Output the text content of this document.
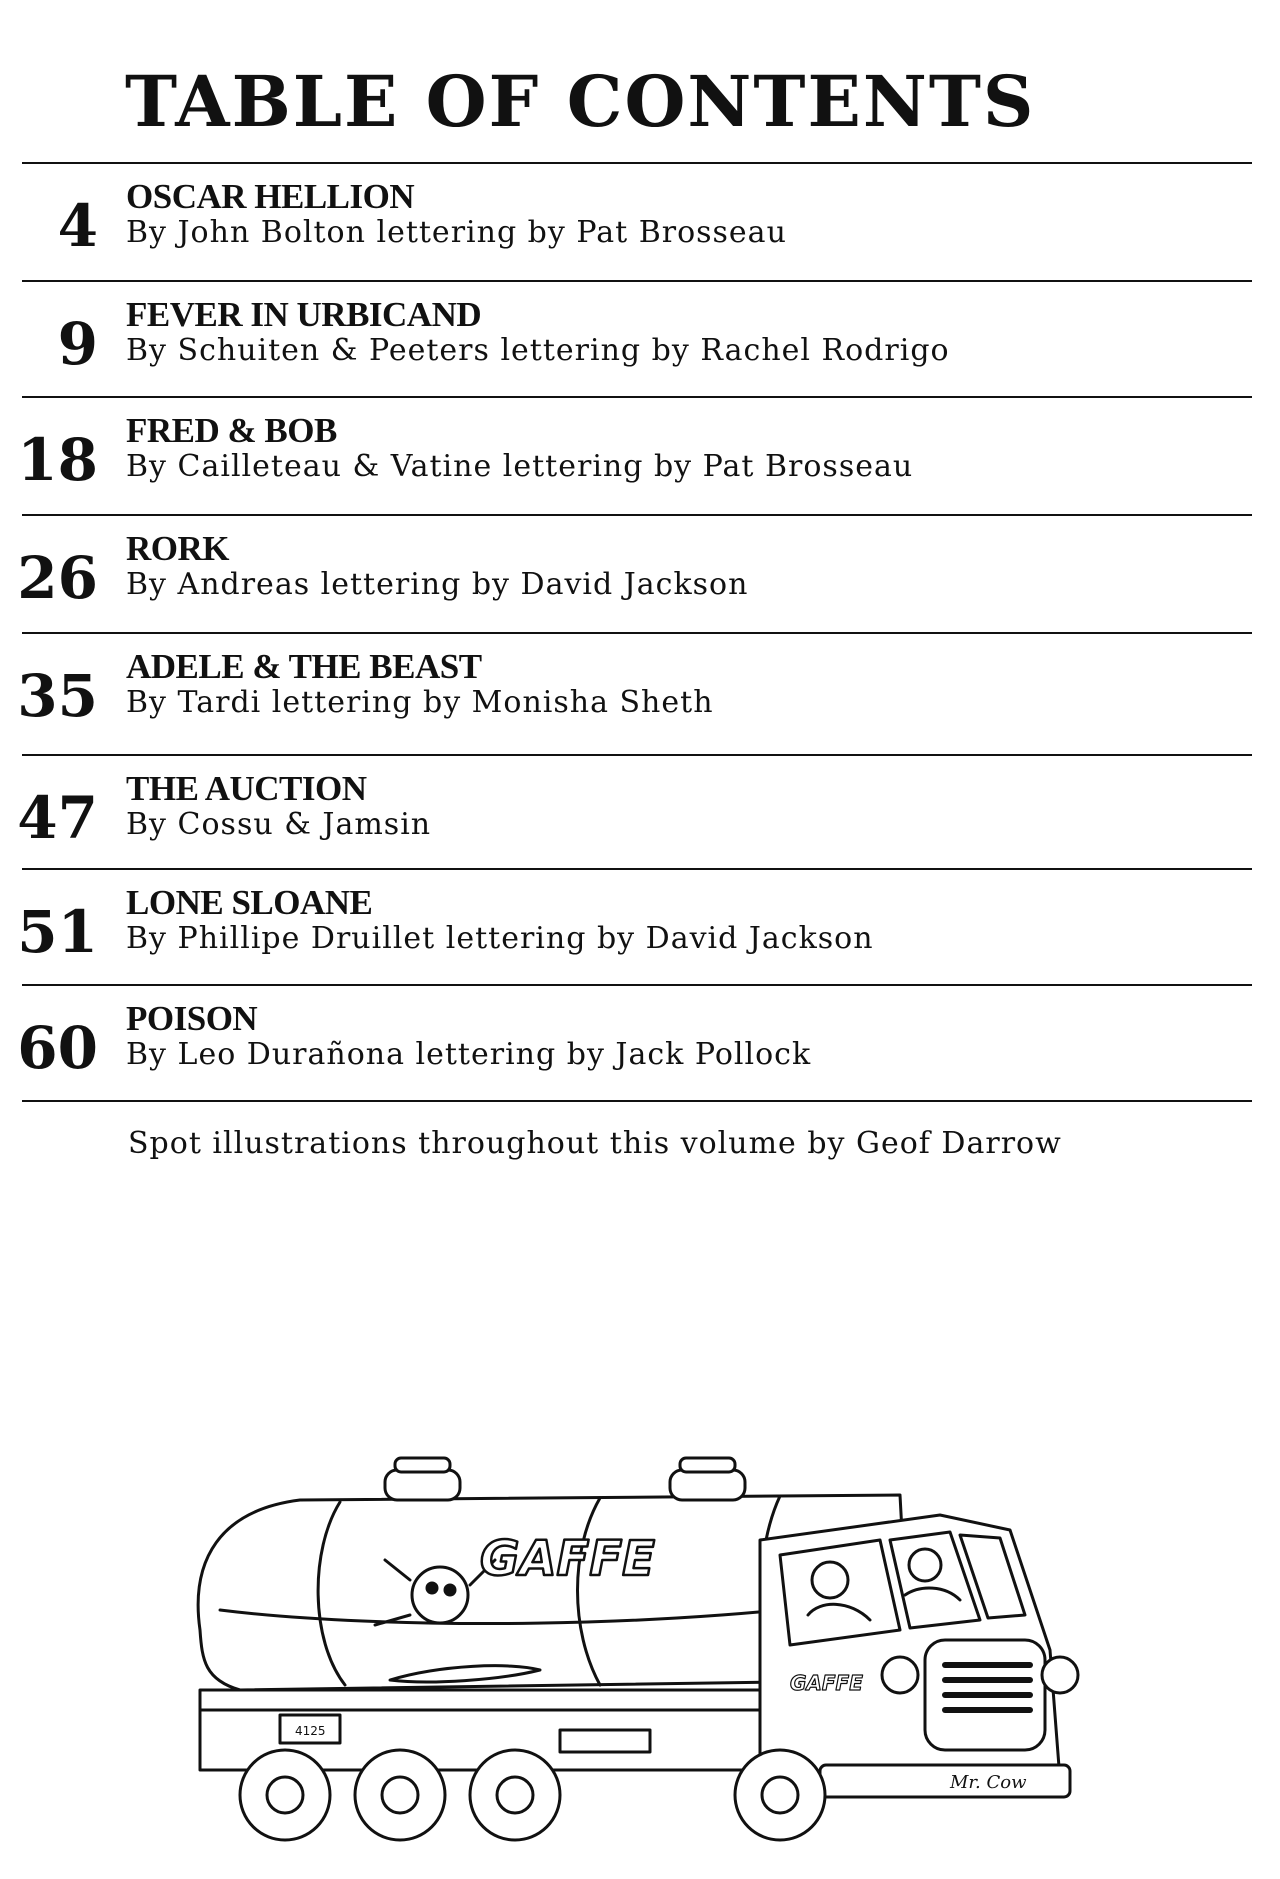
TABLE OF CONTENTS
4 OSCAR HELLION
By John Bolton lettering by Pat Brosseau
9 FEVER IN URBICAND
By Schuiten & Peeters lettering by Rachel Rodrigo
18 FRED & BOB
By Cailleteau & Vatine lettering by Pat Brosseau
26 RORK
By Andreas lettering by David Jackson
35 ADELE & THE BEAST
By Tardi lettering by Monisha Sheth
47 THE AUCTION
By Cossu & Jamsin
51 LONE SLOANE
By Phillipe Druillet lettering by David Jackson
60 POISON
By Leo Durañona lettering by Jack Pollock
Spot illustrations throughout this volume by Geof Darrow
GAFFE
GAFFE
4125
Mr. Cow
